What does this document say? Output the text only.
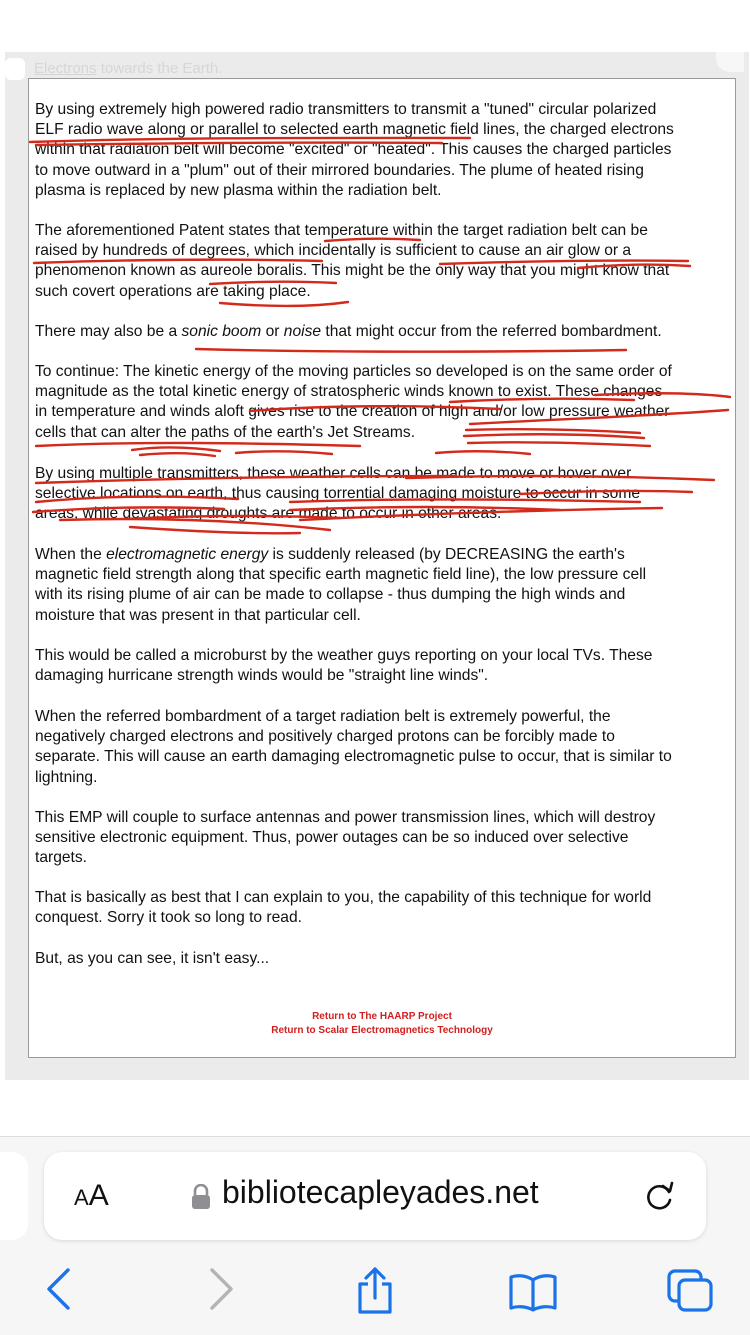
Electrons towards the Earth.

By using extremely high powered radio transmitters to transmit a "tuned" circular polarized
ELF radio wave along or parallel to selected earth magnetic field lines, the charged electrons
within that radiation belt will become "excited" or "heated". This causes the charged particles
to move outward in a "plum" out of their mirrored boundaries. The plume of heated rising
plasma is replaced by new plasma within the radiation belt.

The aforementioned Patent states that temperature within the target radiation belt can be
raised by hundreds of degrees, which incidentally is sufficient to cause an air glow or a
phenomenon known as aureole boralis. This might be the only way that you might know that
such covert operations are taking place.

There may also be a sonic boom or noise that might occur from the referred bombardment.

To continue: The kinetic energy of the moving particles so developed is on the same order of
magnitude as the total kinetic energy of stratospheric winds known to exist. These changes
in temperature and winds aloft gives rise to the creation of high and/or low pressure weather
cells that can alter the paths of the earth's Jet Streams.

By using multiple transmitters, these weather cells can be made to move or hover over
selective locations on earth, thus causing torrential damaging moisture to occur in some
areas, while devastating droughts are made to occur in other areas.

When the electromagnetic energy is suddenly released (by DECREASING the earth's
magnetic field strength along that specific earth magnetic field line), the low pressure cell
with its rising plume of air can be made to collapse - thus dumping the high winds and
moisture that was present in that particular cell.

This would be called a microburst by the weather guys reporting on your local TVs. These
damaging hurricane strength winds would be "straight line winds".

When the referred bombardment of a target radiation belt is extremely powerful, the
negatively charged electrons and positively charged protons can be forcibly made to
separate. This will cause an earth damaging electromagnetic pulse to occur, that is similar to
lightning.

This EMP will couple to surface antennas and power transmission lines, which will destroy
sensitive electronic equipment. Thus, power outages can be so induced over selective
targets.

That is basically as best that I can explain to you, the capability of this technique for world
conquest. Sorry it took so long to read.

But, as you can see, it isn't easy...

Return to The HAARP Project
Return to Scalar Electromagnetics Technology
AA	bibliotecapleyades.net
